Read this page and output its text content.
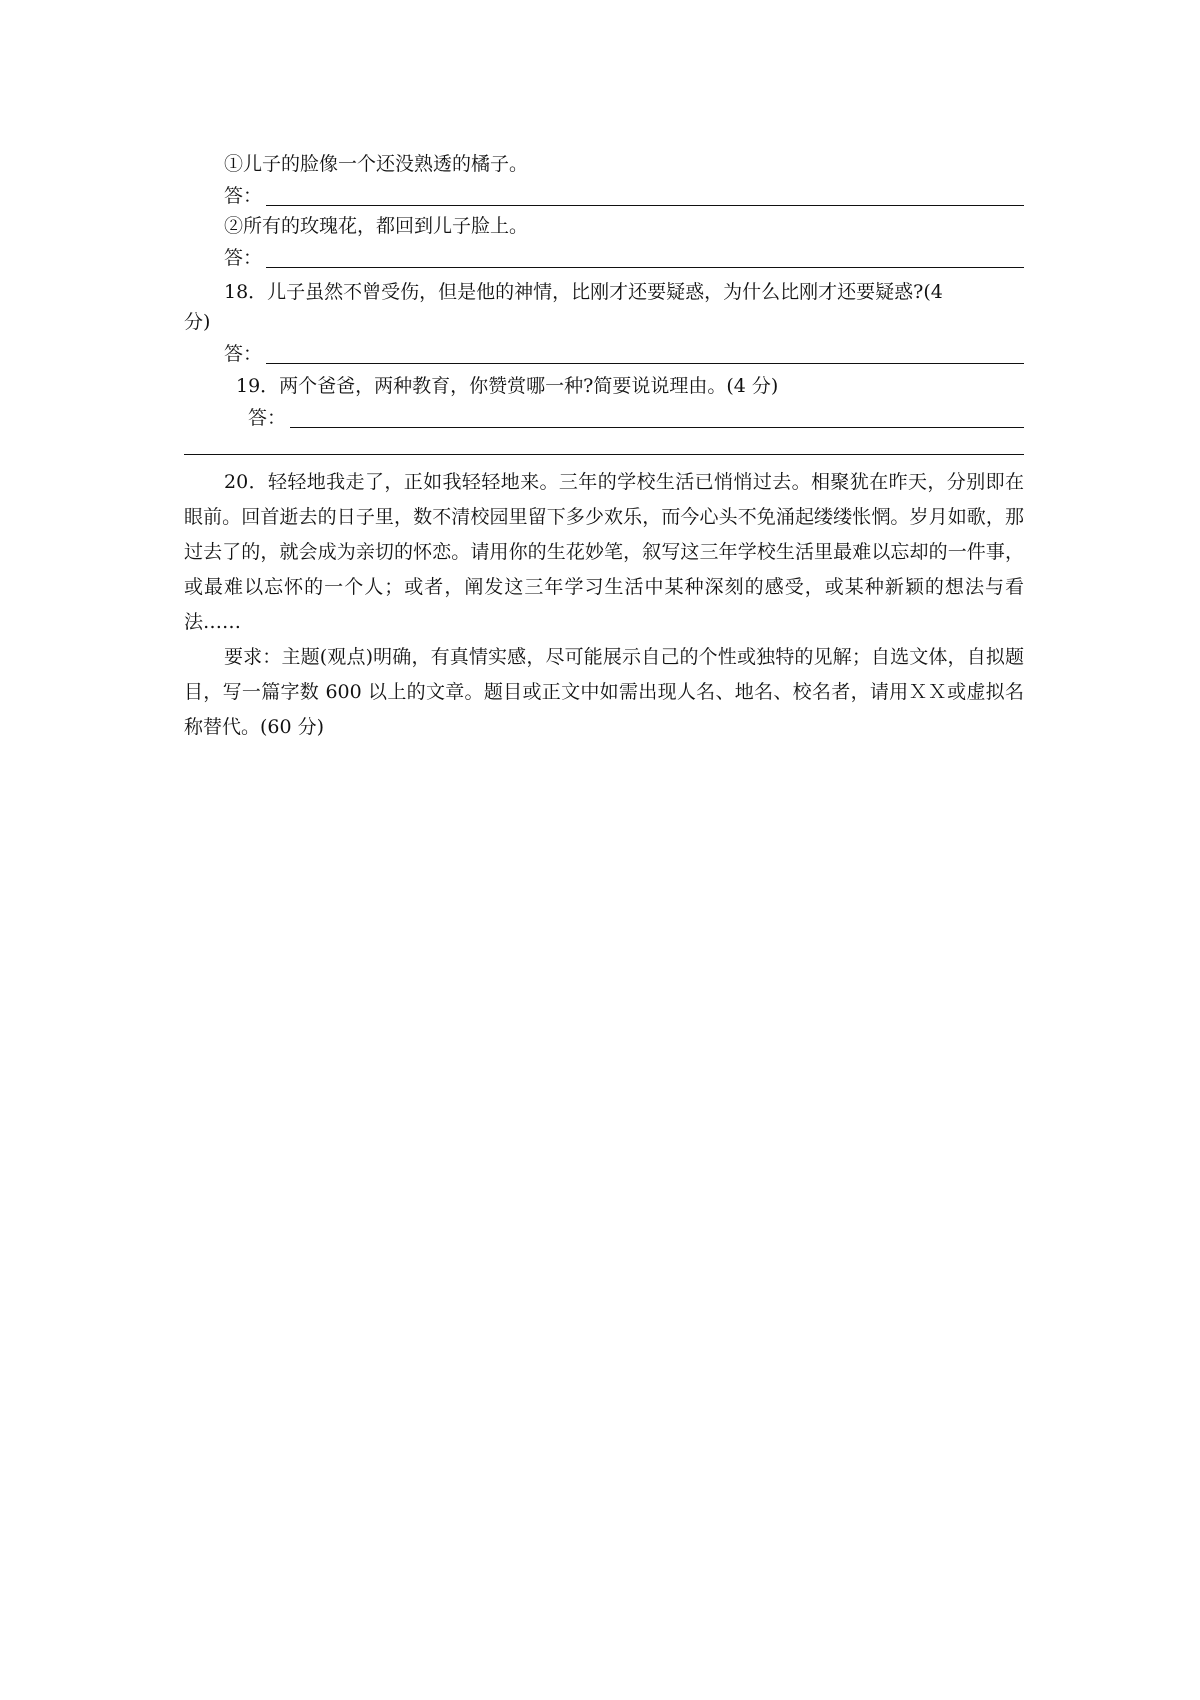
①儿子的脸像一个还没熟透的橘子。
答：
②所有的玫瑰花，都回到儿子脸上。
答：
18．儿子虽然不曾受伤，但是他的神情，比刚才还要疑惑，为什么比刚才还要疑惑?(4
分)
答：
19．两个爸爸，两种教育，你赞赏哪一种?简要说说理由。(4 分)
答：
20．轻轻地我走了，正如我轻轻地来。三年的学校生活已悄悄过去。相聚犹在昨天，分别即在眼前。回首逝去的日子里，数不清校园里留下多少欢乐，而今心头不免涌起缕缕怅惘。岁月如歌，那过去了的，就会成为亲切的怀恋。请用你的生花妙笔，叙写这三年学校生活里最难以忘却的一件事，或最难以忘怀的一个人；或者，阐发这三年学习生活中某种深刻的感受，或某种新颖的想法与看法……
要求：主题(观点)明确，有真情实感，尽可能展示自己的个性或独特的见解；自选文体，自拟题目，写一篇字数 600 以上的文章。题目或正文中如需出现人名、地名、校名者，请用ＸＸ或虚拟名称替代。(60 分)
